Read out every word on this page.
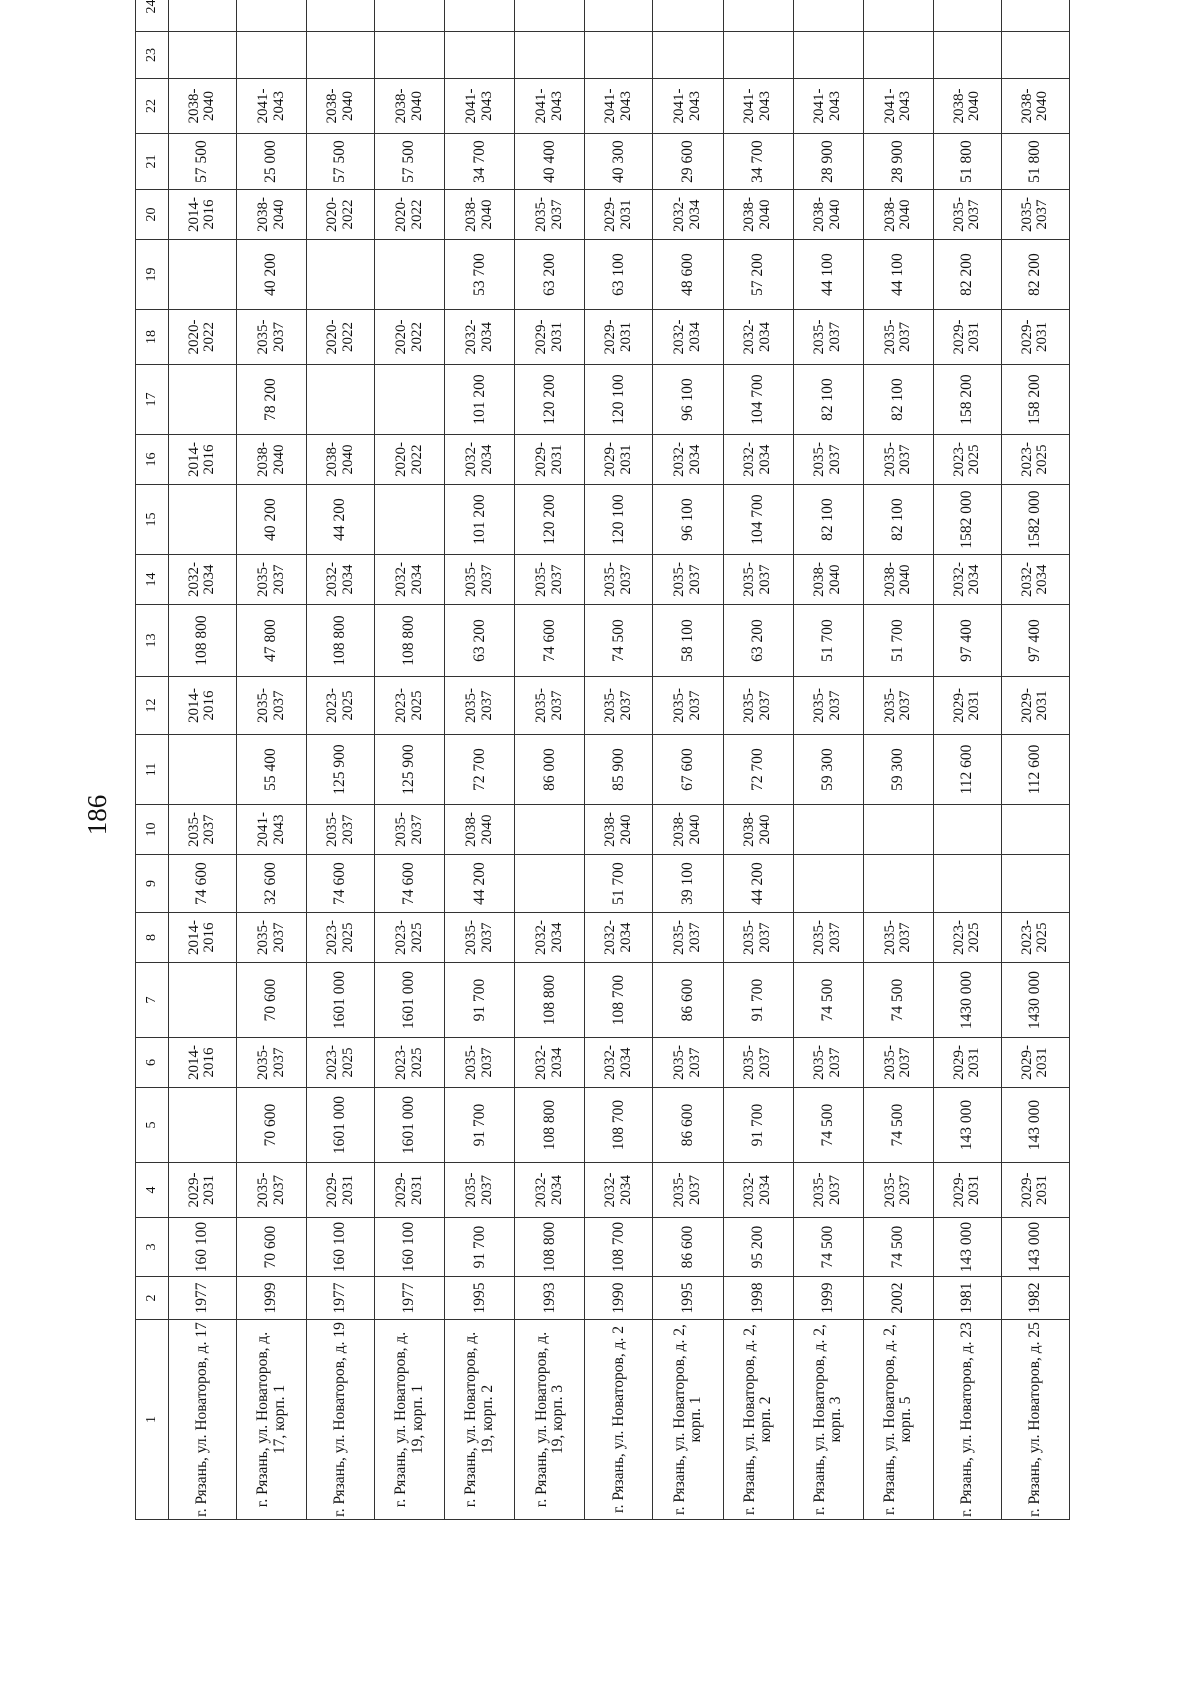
186
1	2	3	4	5	6	7	8	9	10	11	12	13	14	15	16	17	18	19	20	21	22	23	24
г. Рязань, ул. Новаторов, д. 17	1977	160 100	2029-2031		2014-2016		2014-2016	74 600	2035-2037		2014-2016	108 800	2032-2034		2014-2016		2020-2022		2014-2016	57 500	2038-2040		
г. Рязань, ул. Новаторов, д. 17, корп. 1	1999	70 600	2035-2037	70 600	2035-2037	70 600	2035-2037	32 600	2041-2043	55 400	2035-2037	47 800	2035-2037	40 200	2038-2040	78 200	2035-2037	40 200	2038-2040	25 000	2041-2043		
г. Рязань, ул. Новаторов, д. 19	1977	160 100	2029-2031	1601 000	2023-2025	1601 000	2023-2025	74 600	2035-2037	125 900	2023-2025	108 800	2032-2034	44 200	2038-2040		2020-2022		2020-2022	57 500	2038-2040		
г. Рязань, ул. Новаторов, д. 19, корп. 1	1977	160 100	2029-2031	1601 000	2023-2025	1601 000	2023-2025	74 600	2035-2037	125 900	2023-2025	108 800	2032-2034		2020-2022		2020-2022		2020-2022	57 500	2038-2040		
г. Рязань, ул. Новаторов, д. 19, корп. 2	1995	91 700	2035-2037	91 700	2035-2037	91 700	2035-2037	44 200	2038-2040	72 700	2035-2037	63 200	2035-2037	101 200	2032-2034	101 200	2032-2034	53 700	2038-2040	34 700	2041-2043		
г. Рязань, ул. Новаторов, д. 19, корп. 3	1993	108 800	2032-2034	108 800	2032-2034	108 800	2032-2034			86 000	2035-2037	74 600	2035-2037	120 200	2029-2031	120 200	2029-2031	63 200	2035-2037	40 400	2041-2043		
г. Рязань, ул. Новаторов, д. 2	1990	108 700	2032-2034	108 700	2032-2034	108 700	2032-2034	51 700	2038-2040	85 900	2035-2037	74 500	2035-2037	120 100	2029-2031	120 100	2029-2031	63 100	2029-2031	40 300	2041-2043		
г. Рязань, ул. Новаторов, д. 2, корп. 1	1995	86 600	2035-2037	86 600	2035-2037	86 600	2035-2037	39 100	2038-2040	67 600	2035-2037	58 100	2035-2037	96 100	2032-2034	96 100	2032-2034	48 600	2032-2034	29 600	2041-2043		
г. Рязань, ул. Новаторов, д. 2, корп. 2	1998	95 200	2032-2034	91 700	2035-2037	91 700	2035-2037	44 200	2038-2040	72 700	2035-2037	63 200	2035-2037	104 700	2032-2034	104 700	2032-2034	57 200	2038-2040	34 700	2041-2043		
г. Рязань, ул. Новаторов, д. 2, корп. 3	1999	74 500	2035-2037	74 500	2035-2037	74 500	2035-2037			59 300	2035-2037	51 700	2038-2040	82 100	2035-2037	82 100	2035-2037	44 100	2038-2040	28 900	2041-2043		
г. Рязань, ул. Новаторов, д. 2, корп. 5	2002	74 500	2035-2037	74 500	2035-2037	74 500	2035-2037			59 300	2035-2037	51 700	2038-2040	82 100	2035-2037	82 100	2035-2037	44 100	2038-2040	28 900	2041-2043		
г. Рязань, ул. Новаторов, д. 23	1981	143 000	2029-2031	143 000	2029-2031	1430 000	2023-2025			112 600	2029-2031	97 400	2032-2034	1582 000	2023-2025	158 200	2029-2031	82 200	2035-2037	51 800	2038-2040		
г. Рязань, ул. Новаторов, д. 25	1982	143 000	2029-2031	143 000	2029-2031	1430 000	2023-2025			112 600	2029-2031	97 400	2032-2034	1582 000	2023-2025	158 200	2029-2031	82 200	2035-2037	51 800	2038-2040		
